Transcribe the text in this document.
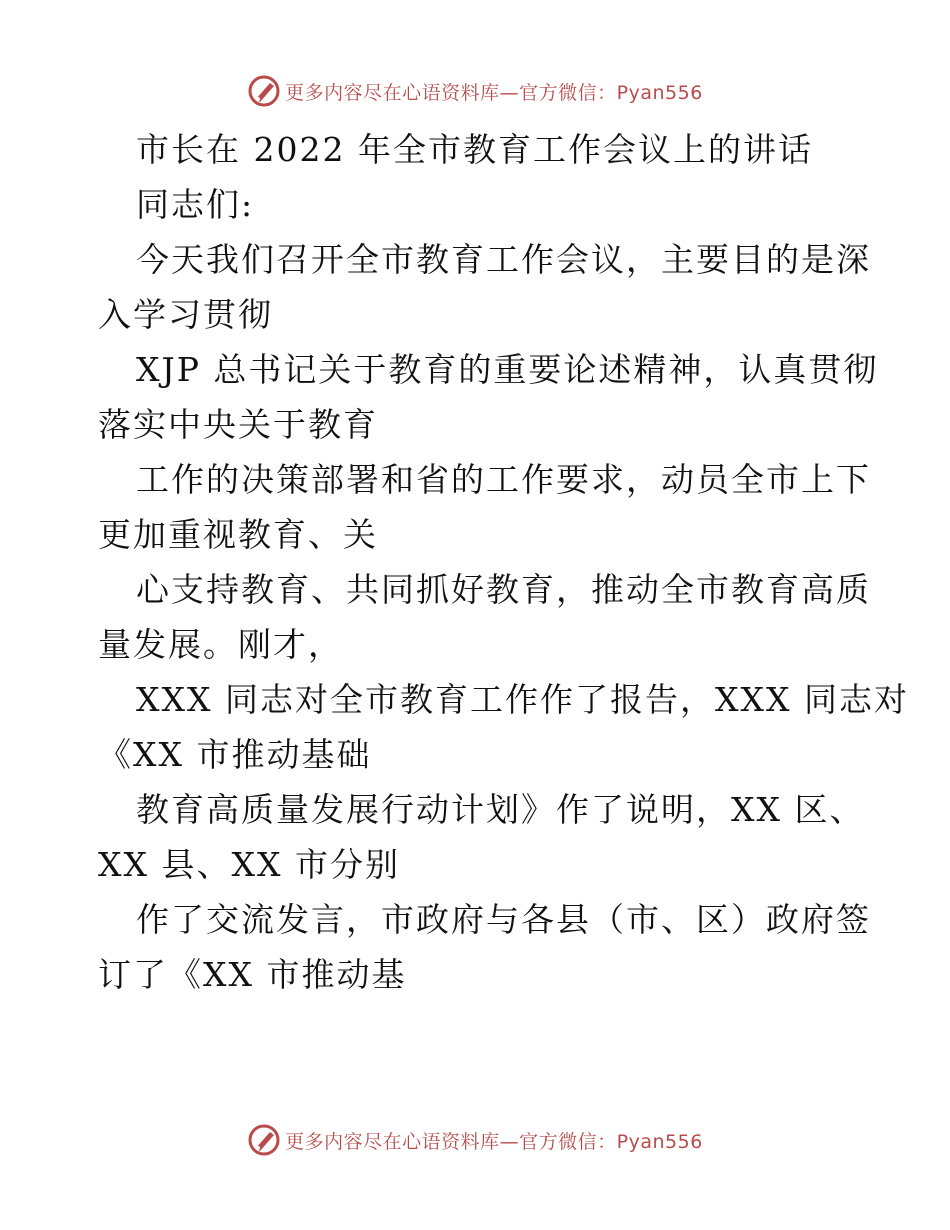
更多内容尽在心语资料库—官方微信：Pyan556
市长在 2022 年全市教育工作会议上的讲话
同志们:
今天我们召开全市教育工作会议，主要目的是深
入学习贯彻
XJP 总书记关于教育的重要论述精神，认真贯彻
落实中央关于教育
工作的决策部署和省的工作要求，动员全市上下
更加重视教育、关
心支持教育、共同抓好教育，推动全市教育高质
量发展。刚才，
XXX 同志对全市教育工作作了报告，XXX 同志对
《XX 市推动基础
教育高质量发展行动计划》作了说明，XX 区、
XX 县、XX 市分别
作了交流发言，市政府与各县（市、区）政府签
订了《XX 市推动基
更多内容尽在心语资料库—官方微信：Pyan556
